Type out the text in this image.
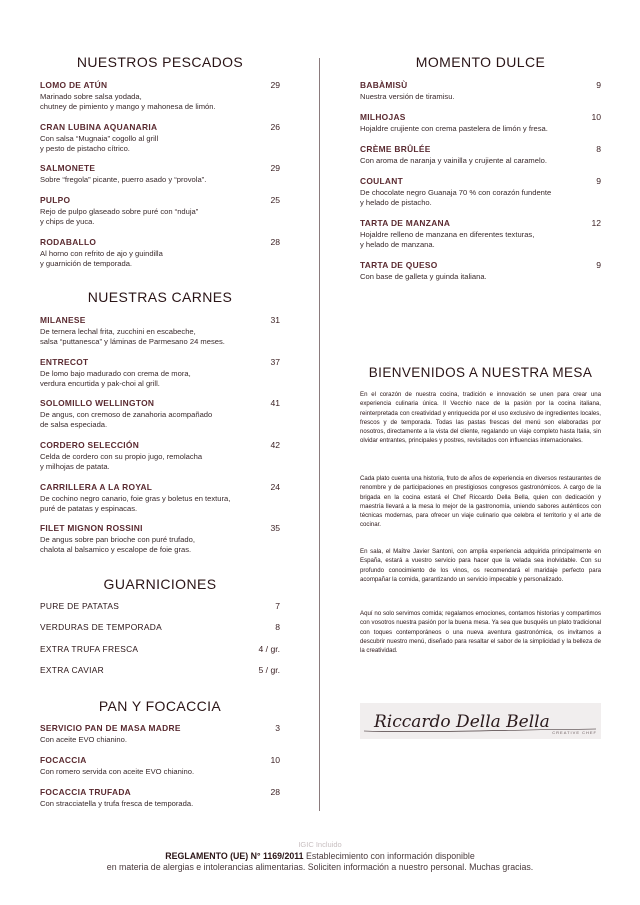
NUESTROS PESCADOS
LOMO DE ATÚN	29
Marinado sobre salsa yodada,
chutney de pimiento y mango y mahonesa de limón.
CRAN LUBINA AQUANARIA	26
Con salsa “Mugnaia” cogollo al grill
y pesto de pistacho cítrico.
SALMONETE	29
Sobre “fregola” picante, puerro asado y “provola”.
PULPO	25
Rejo de pulpo glaseado sobre puré con “nduja”
y chips de yuca.
RODABALLO	28
Al horno con refrito de ajo y guindilla
y guarnición de temporada.
NUESTRAS CARNES
MILANESE	31
De ternera lechal frita, zucchini en escabeche,
salsa “puttanesca” y láminas de Parmesano 24 meses.
ENTRECOT	37
De lomo bajo madurado con crema de mora,
verdura encurtida y pak-choi al grill.
SOLOMILLO WELLINGTON	41
De angus, con cremoso de zanahoria acompañado
de salsa especiada.
CORDERO SELECCIÓN	42
Celda de cordero con su propio jugo, remolacha
y milhojas de patata.
CARRILLERA A LA ROYAL	24
De cochino negro canario, foie gras y boletus en textura,
puré de patatas y espinacas.
FILET MIGNON ROSSINI	35
De angus sobre pan brioche con puré trufado,
chalota al balsamico y escalope de foie gras.
GUARNICIONES
PURE DE PATATAS	7
VERDURAS DE TEMPORADA	8
EXTRA TRUFA FRESCA	4 / gr.
EXTRA CAVIAR	5 / gr.
PAN Y FOCACCIA
SERVICIO PAN DE MASA MADRE	3
Con aceite EVO chianino.
FOCACCIA	10
Con romero servida con aceite EVO chianino.
FOCACCIA TRUFADA	28
Con stracciatella y trufa fresca de temporada.
MOMENTO DULCE
BABÀMISÙ	9
Nuestra versión de tiramisu.
MILHOJAS	10
Hojaldre crujiente con crema pastelera de limón y fresa.
CRÈME BRÛLÉE	8
Con aroma de naranja y vainilla y crujiente al caramelo.
COULANT	9
De chocolate negro Guanaja 70 % con corazón fundente
y helado de pistacho.
TARTA DE MANZANA	12
Hojaldre relleno de manzana en diferentes texturas,
y helado de manzana.
TARTA DE QUESO	9
Con base de galleta y guinda italiana.
BIENVENIDOS A NUESTRA MESA

En el corazón de nuestra cocina, tradición e innovación se unen para crear una experiencia culinaria única. Il Vecchio nace de la pasión por la cocina italiana, reinterpretada con creatividad y enriquecida por el uso exclusivo de ingredientes locales, frescos y de temporada. Todas las pastas frescas del menú son elaboradas por nosotros, directamente a la vista del cliente, regalando un viaje completo hasta Italia, sin olvidar entrantes, principales y postres, revisitados con influencias internacionales.

Cada plato cuenta una historia, fruto de años de experiencia en diversos restaurantes de renombre y de participaciones en prestigiosos congresos gastronómicos. A cargo de la brigada en la cocina estará el Chef Riccardo Della Bella, quien con dedicación y maestría llevará a la mesa lo mejor de la gastronomía, uniendo sabores auténticos con técnicas modernas, para ofrecer un viaje culinario que celebra el territorio y el arte de cocinar.

En sala, el Maître Javier Santoni, con amplia experiencia adquirida principalmente en España, estará a vuestro servicio para hacer que la velada sea inolvidable. Con su profundo conocimiento de los vinos, os recomendará el maridaje perfecto para acompañar la comida, garantizando un servicio impecable y personalizado.

Aquí no solo servimos comida; regalamos emociones, contamos historias y compartimos con vosotros nuestra pasión por la buena mesa. Ya sea que busquéis un plato tradicional con toques contemporáneos o una nueva aventura gastronómica, os invitamos a descubrir nuestro menú, diseñado para resaltar el sabor de la simplicidad y la belleza de la creatividad.

Riccardo Della Bella
CREATIVE CHEF
IGIC Incluido
REGLAMENTO (UE) N° 1169/2011 Establecimiento con información disponible
en materia de alergias e intolerancias alimentarias. Soliciten información a nuestro personal. Muchas gracias.
